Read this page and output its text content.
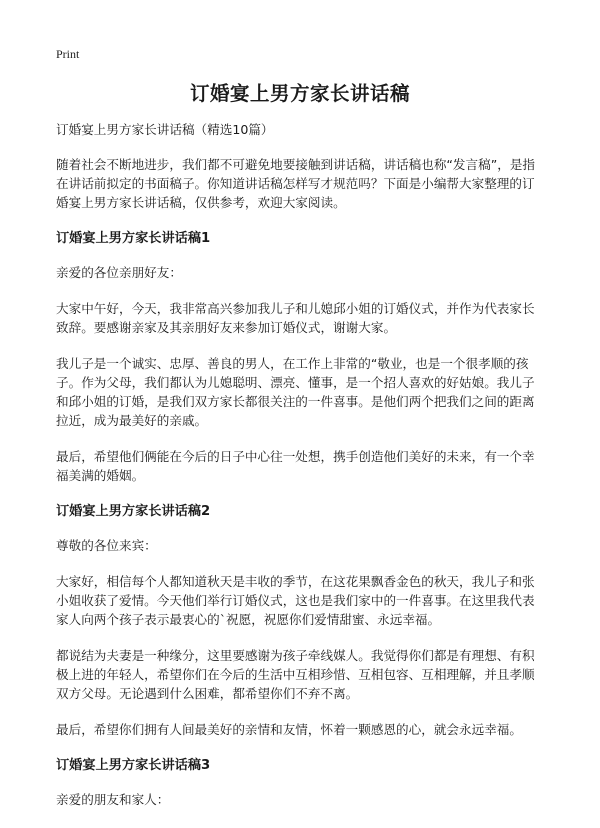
Print
订婚宴上男方家长讲话稿

订婚宴上男方家长讲话稿（精选10篇）

随着社会不断地进步，我们都不可避免地要接触到讲话稿，讲话稿也称“发言稿”，是指在讲话前拟定的书面稿子。你知道讲话稿怎样写才规范吗？下面是小编帮大家整理的订婚宴上男方家长讲话稿，仅供参考，欢迎大家阅读。

订婚宴上男方家长讲话稿1

亲爱的各位亲朋好友：

大家中午好，今天，我非常高兴参加我儿子和儿媳邱小姐的订婚仪式，并作为代表家长致辞。要感谢亲家及其亲朋好友来参加订婚仪式，谢谢大家。

我儿子是一个诚实、忠厚、善良的男人，在工作上非常的“敬业，也是一个很孝顺的孩子。作为父母，我们都认为儿媳聪明、漂亮、懂事，是一个招人喜欢的好姑娘。我儿子和邱小姐的订婚，是我们双方家长都很关注的一件喜事。是他们两个把我们之间的距离拉近，成为最美好的亲戚。

最后，希望他们俩能在今后的日子中心往一处想，携手创造他们美好的未来，有一个幸福美满的婚姻。

订婚宴上男方家长讲话稿2

尊敬的各位来宾：

大家好，相信每个人都知道秋天是丰收的季节，在这花果飘香金色的秋天，我儿子和张小姐收获了爱情。今天他们举行订婚仪式，这也是我们家中的一件喜事。在这里我代表家人向两个孩子表示最衷心的`祝愿，祝愿你们爱情甜蜜、永远幸福。

都说结为夫妻是一种缘分，这里要感谢为孩子牵线媒人。我觉得你们都是有理想、有积极上进的年轻人，希望你们在今后的生活中互相珍惜、互相包容、互相理解，并且孝顺双方父母。无论遇到什么困难，都希望你们不弃不离。

最后，希望你们拥有人间最美好的亲情和友情，怀着一颗感恩的心，就会永远幸福。

订婚宴上男方家长讲话稿3

亲爱的朋友和家人：
